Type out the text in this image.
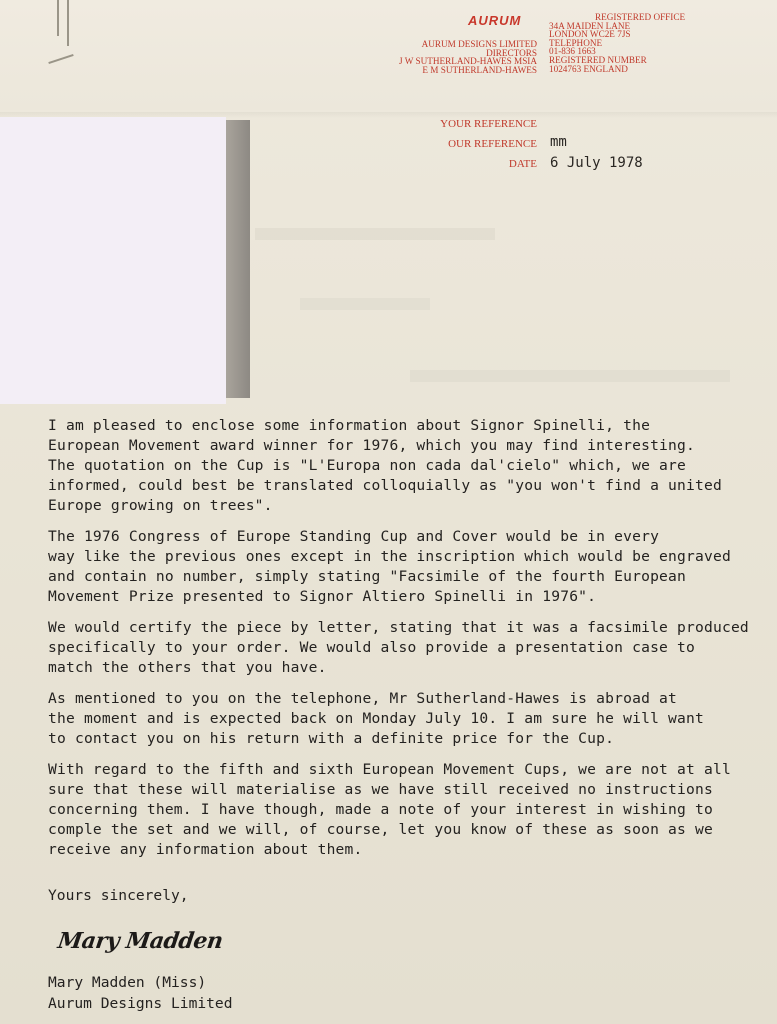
AURUM	REGISTERED OFFICE
34A MAIDEN LANE
LONDON WC2E 7JS
TELEPHONE
01-836 1663
REGISTERED NUMBER
1024763 ENGLAND
AURUM DESIGNS LIMITED
DIRECTORS
J W SUTHERLAND-HAWES MSIA
E M SUTHERLAND-HAWES
YOUR REFERENCE
OUR REFERENCE
DATE
mm
6 July 1978

I am pleased to enclose some information about Signor Spinelli, the
European Movement award winner for 1976, which you may find interesting.
The quotation on the Cup is "L'Europa non cada dal'cielo" which, we are
informed, could best be translated colloquially as "you won't find a united
Europe growing on trees".

The 1976 Congress of Europe Standing Cup and Cover would be in every
way like the previous ones except in the inscription which would be engraved
and contain no number, simply stating "Facsimile of the fourth European
Movement Prize presented to Signor Altiero Spinelli in 1976".

We would certify the piece by letter, stating that it was a facsimile produced
specifically to your order. We would also provide a presentation case to
match the others that you have.

As mentioned to you on the telephone, Mr Sutherland-Hawes is abroad at
the moment and is expected back on Monday July 10. I am sure he will want
to contact you on his return with a definite price for the Cup.

With regard to the fifth and sixth European Movement Cups, we are not at all
sure that these will materialise as we have still received no instructions
concerning them. I have though, made a note of your interest in wishing to
comple the set and we will, of course, let you know of these as soon as we
receive any information about them.

Yours sincerely,
Mary Madden
Mary Madden (Miss)
Aurum Designs Limited
